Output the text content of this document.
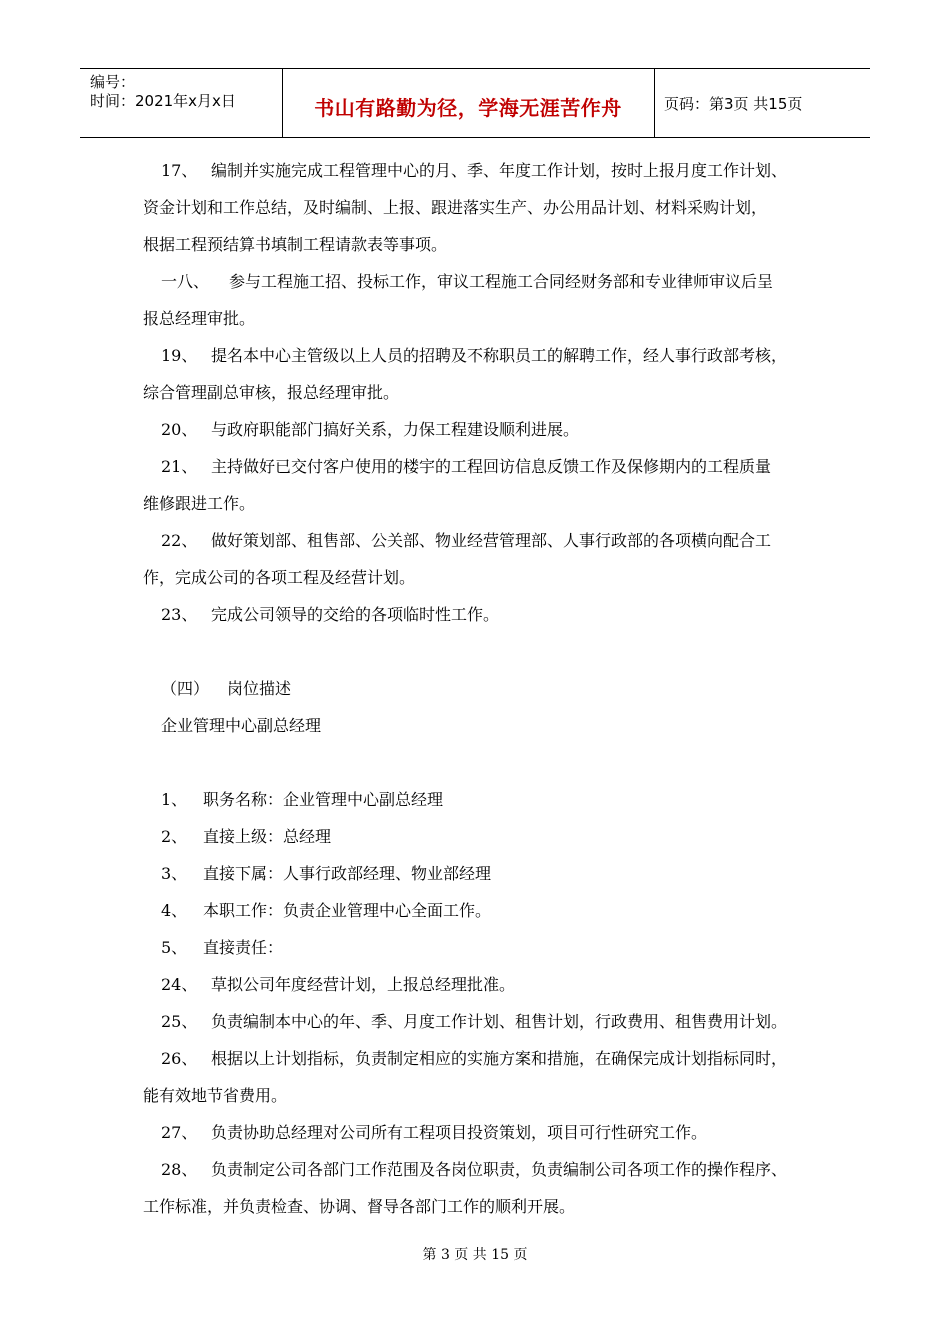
编号：
时间：2021年x月x日	书山有路勤为径，学海无涯苦作舟	页码：第3页 共15页
17、 编制并实施完成工程管理中心的月、季、年度工作计划，按时上报月度工作计划、
资金计划和工作总结，及时编制、上报、跟进落实生产、办公用品计划、材料采购计划，
根据工程预结算书填制工程请款表等事项。
一八、 参与工程施工招、投标工作，审议工程施工合同经财务部和专业律师审议后呈
报总经理审批。
19、 提名本中心主管级以上人员的招聘及不称职员工的解聘工作，经人事行政部考核，
综合管理副总审核，报总经理审批。
20、 与政府职能部门搞好关系，力保工程建设顺利进展。
21、 主持做好已交付客户使用的楼宇的工程回访信息反馈工作及保修期内的工程质量
维修跟进工作。
22、 做好策划部、租售部、公关部、物业经营管理部、人事行政部的各项横向配合工
作，完成公司的各项工程及经营计划。
23、 完成公司领导的交给的各项临时性工作。
（四） 岗位描述
企业管理中心副总经理
1、 职务名称：企业管理中心副总经理
2、 直接上级：总经理
3、 直接下属：人事行政部经理、物业部经理
4、 本职工作：负责企业管理中心全面工作。
5、 直接责任：
24、 草拟公司年度经营计划，上报总经理批准。
25、 负责编制本中心的年、季、月度工作计划、租售计划，行政费用、租售费用计划。
26、 根据以上计划指标，负责制定相应的实施方案和措施，在确保完成计划指标同时，
能有效地节省费用。
27、 负责协助总经理对公司所有工程项目投资策划，项目可行性研究工作。
28、 负责制定公司各部门工作范围及各岗位职责，负责编制公司各项工作的操作程序、
工作标准，并负责检查、协调、督导各部门工作的顺利开展。
第 3 页 共 15 页
